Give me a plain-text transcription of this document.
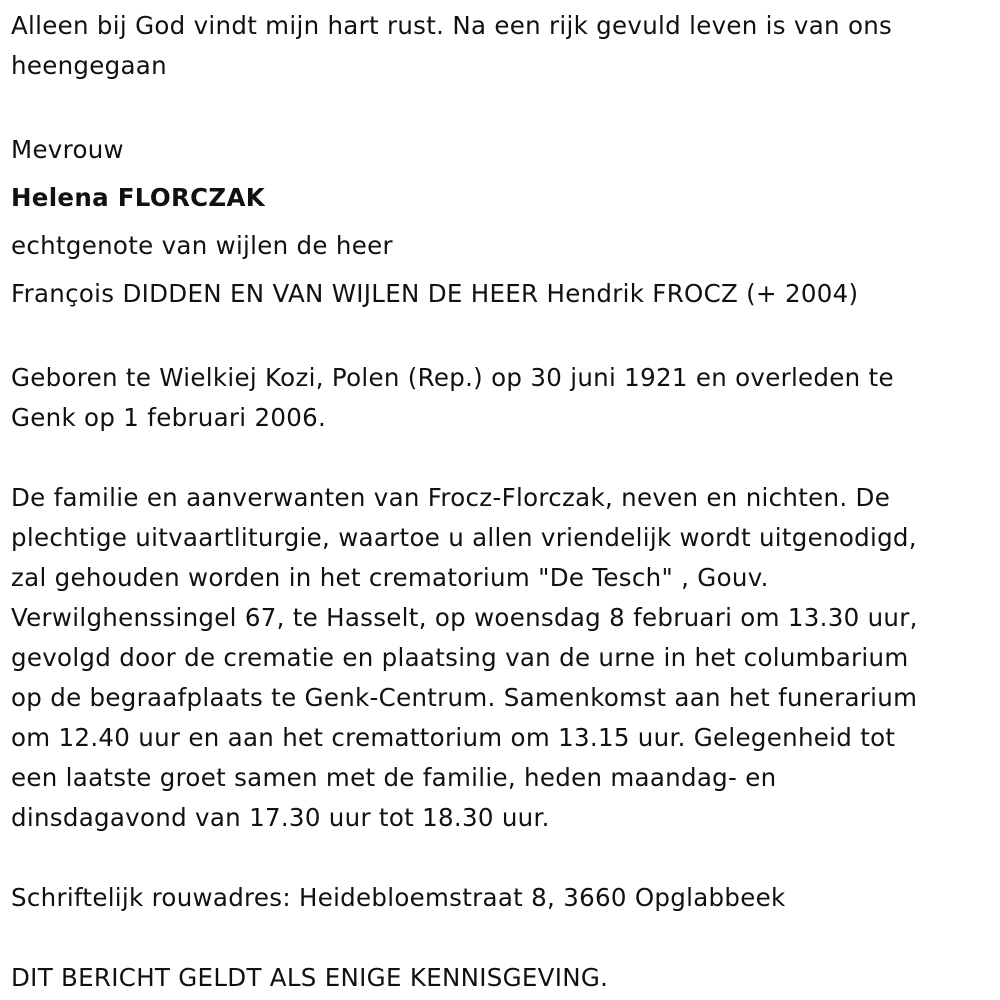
Alleen bij God vindt mijn hart rust. Na een rijk gevuld leven is van ons
heengegaan
Mevrouw
Helena FLORCZAK
echtgenote van wijlen de heer
François DIDDEN EN VAN WIJLEN DE HEER Hendrik FROCZ (+ 2004)
Geboren te Wielkiej Kozi, Polen (Rep.) op 30 juni 1921 en overleden te
Genk op 1 februari 2006.
De familie en aanverwanten van Frocz-Florczak, neven en nichten. De
plechtige uitvaartliturgie, waartoe u allen vriendelijk wordt uitgenodigd,
zal gehouden worden in het crematorium "De Tesch" , Gouv.
Verwilghenssingel 67, te Hasselt, op woensdag 8 februari om 13.30 uur,
gevolgd door de crematie en plaatsing van de urne in het columbarium
op de begraafplaats te Genk-Centrum. Samenkomst aan het funerarium
om 12.40 uur en aan het cremattorium om 13.15 uur. Gelegenheid tot
een laatste groet samen met de familie, heden maandag- en
dinsdagavond van 17.30 uur tot 18.30 uur.
Schriftelijk rouwadres: Heidebloemstraat 8, 3660 Opglabbeek
DIT BERICHT GELDT ALS ENIGE KENNISGEVING.
